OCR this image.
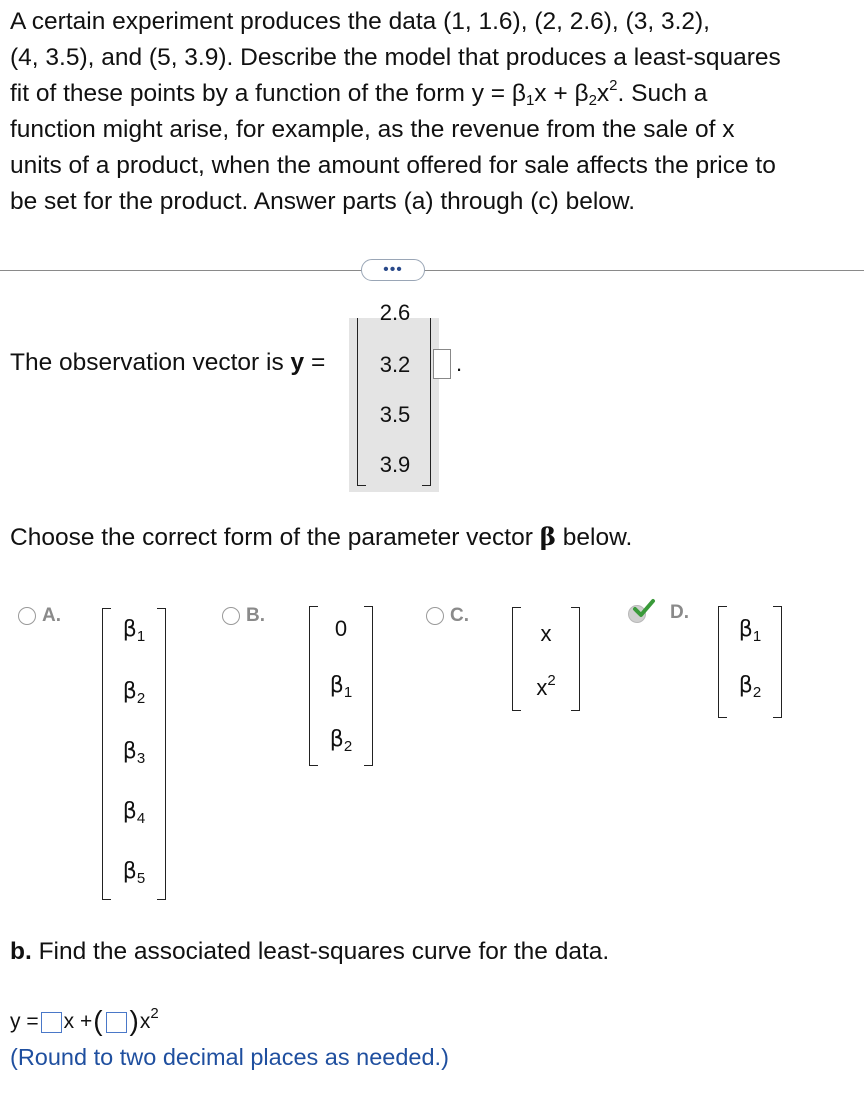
A certain experiment produces the data (1, 1.6), (2, 2.6), (3, 3.2),
(4, 3.5), and (5, 3.9). Describe the model that produces a least-squares
fit of these points by a function of the form $y = \beta_1x + \beta_2x^2$. Such a
function might arise, for example, as the revenue from the sale of x
units of a product, when the amount offered for sale affects the price to
be set for the product. Answer parts (a) through (c) below.
•••
The observation vector is y =
2.6
3.2
3.5
3.9
.
Choose the correct form of the parameter vector β below.
A.
$\beta_1$
$\beta_2$
$\beta_3$
$\beta_4$
$\beta_5$
B.
0
$\beta_1$
$\beta_2$
C.
x
$x^2$
D.
$\beta_1$
$\beta_2$
b. Find the associated least-squares curve for the data.
y = x + ( ) $x^2$
(Round to two decimal places as needed.)
